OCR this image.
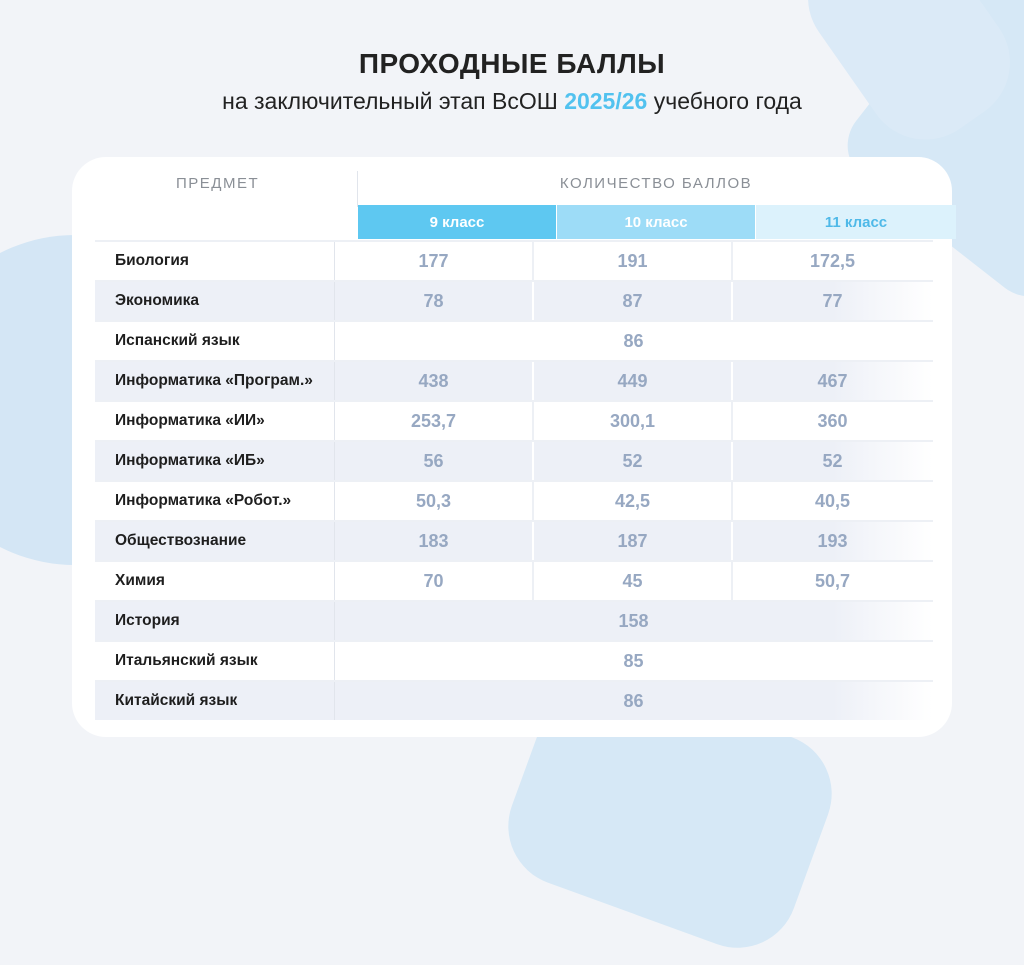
ПРОХОДНЫЕ БАЛЛЫ
на заключительный этап ВсОШ 2025/26 учебного года
ПРЕДМЕТ	КОЛИЧЕСТВО БАЛЛОВ
9 класс	10 класс	11 класс
Биология	177	191	172,5
Экономика	78	87	77
Испанский язык	86
Информатика «Програм.»	438	449	467
Информатика «ИИ»	253,7	300,1	360
Информатика «ИБ»	56	52	52
Информатика «Робот.»	50,3	42,5	40,5
Обществознание	183	187	193
Химия	70	45	50,7
История	158
Итальянский язык	85
Китайский язык	86
